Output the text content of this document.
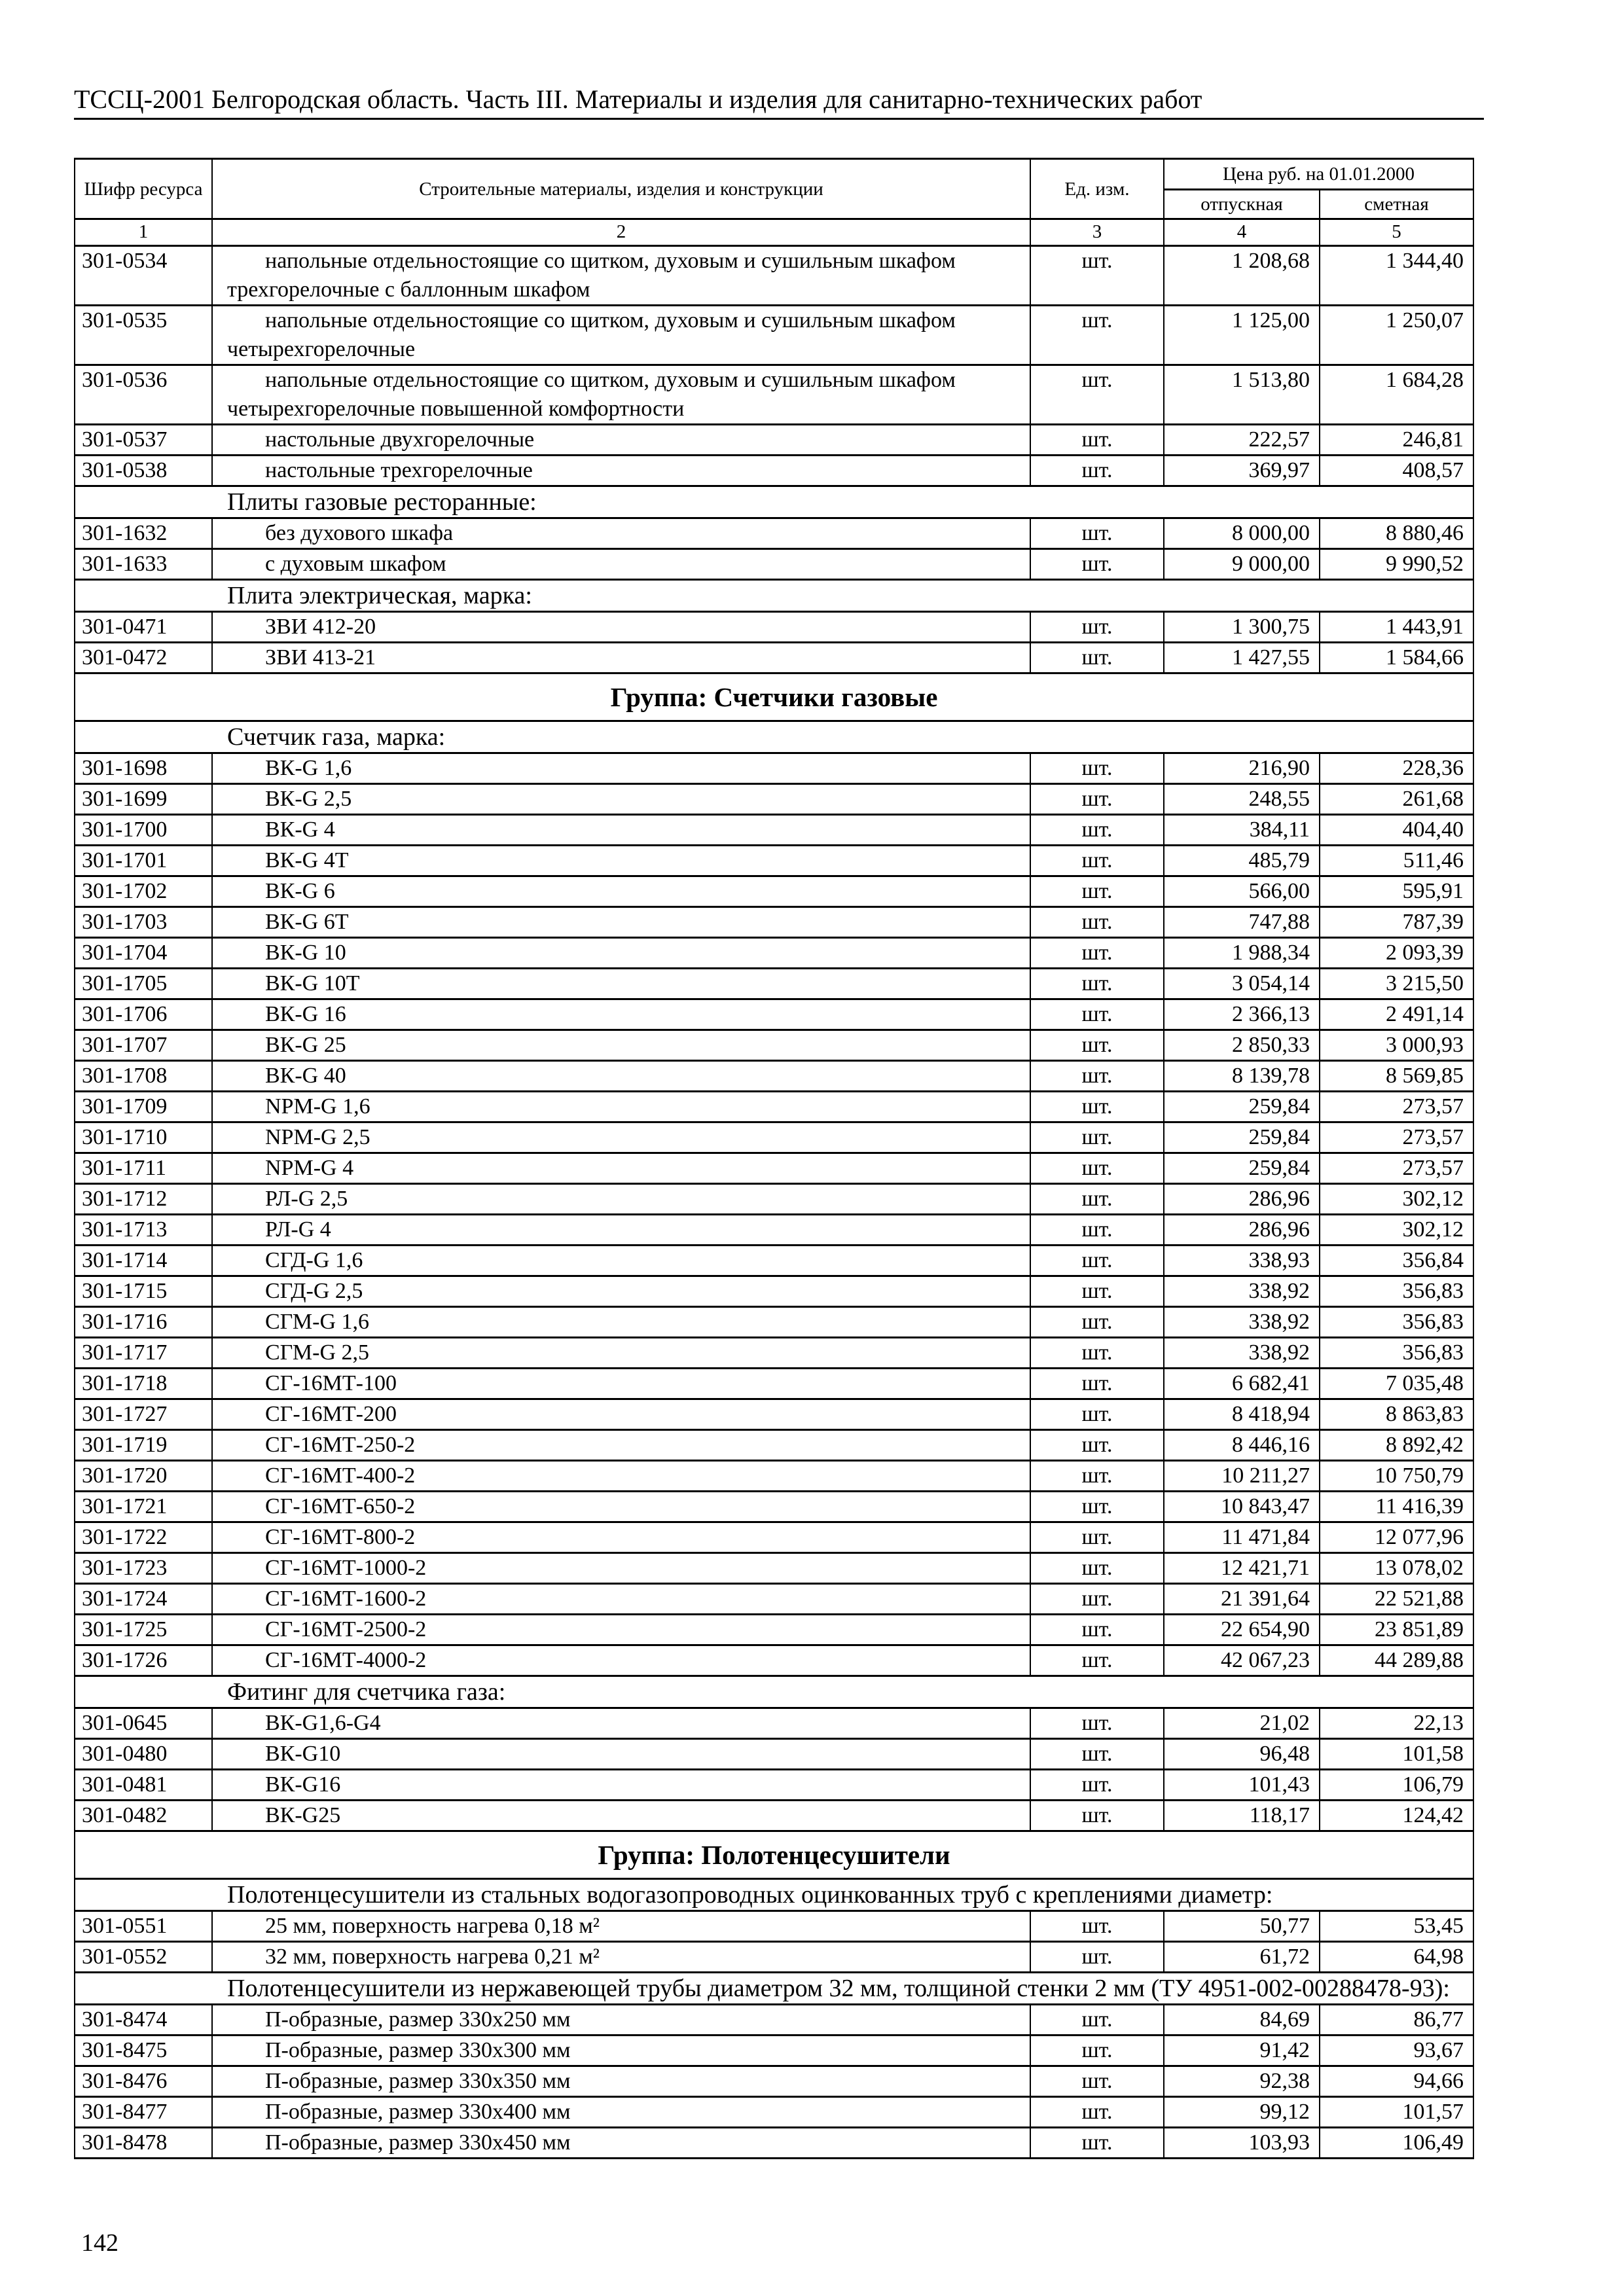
ТССЦ-2001 Белгородская область. Часть III. Материалы и изделия для санитарно-технических работ
Шифр ресурса	Строительные материалы, изделия и конструкции	Ед. изм.	Цена руб. на 01.01.2000	
			отпускная	сметная
1	2	3	4	5
301-0534	напольные отдельностоящие со щитком, духовым и сушильным шкафом трехгорелочные с баллонным шкафом	шт.	1 208,68	1 344,40
301-0535	напольные отдельностоящие со щитком, духовым и сушильным шкафом четырехгорелочные	шт.	1 125,00	1 250,07
301-0536	напольные отдельностоящие со щитком, духовым и сушильным шкафом четырехгорелочные повышенной комфортности	шт.	1 513,80	1 684,28
301-0537	настольные двухгорелочные	шт.	222,57	246,81
301-0538	настольные трехгорелочные	шт.	369,97	408,57
Плиты газовые ресторанные:				
301-1632	без духового шкафа	шт.	8 000,00	8 880,46
301-1633	с духовым шкафом	шт.	9 000,00	9 990,52
Плита электрическая, марка:				
301-0471	ЗВИ 412-20	шт.	1 300,75	1 443,91
301-0472	ЗВИ 413-21	шт.	1 427,55	1 584,66
Группа: Счетчики газовые				
Счетчик газа, марка:				
301-1698	ВК-G 1,6	шт.	216,90	228,36
301-1699	ВК-G 2,5	шт.	248,55	261,68
301-1700	ВК-G 4	шт.	384,11	404,40
301-1701	ВК-G 4Т	шт.	485,79	511,46
301-1702	ВК-G 6	шт.	566,00	595,91
301-1703	ВК-G 6Т	шт.	747,88	787,39
301-1704	ВК-G 10	шт.	1 988,34	2 093,39
301-1705	ВК-G 10Т	шт.	3 054,14	3 215,50
301-1706	ВК-G 16	шт.	2 366,13	2 491,14
301-1707	ВК-G 25	шт.	2 850,33	3 000,93
301-1708	ВК-G 40	шт.	8 139,78	8 569,85
301-1709	NPM-G 1,6	шт.	259,84	273,57
301-1710	NPM-G 2,5	шт.	259,84	273,57
301-1711	NPM-G 4	шт.	259,84	273,57
301-1712	РЛ-G 2,5	шт.	286,96	302,12
301-1713	РЛ-G 4	шт.	286,96	302,12
301-1714	СГД-G 1,6	шт.	338,93	356,84
301-1715	СГД-G 2,5	шт.	338,92	356,83
301-1716	СГМ-G 1,6	шт.	338,92	356,83
301-1717	СГМ-G 2,5	шт.	338,92	356,83
301-1718	СГ-16МТ-100	шт.	6 682,41	7 035,48
301-1727	СГ-16МТ-200	шт.	8 418,94	8 863,83
301-1719	СГ-16МТ-250-2	шт.	8 446,16	8 892,42
301-1720	СГ-16МТ-400-2	шт.	10 211,27	10 750,79
301-1721	СГ-16МТ-650-2	шт.	10 843,47	11 416,39
301-1722	СГ-16МТ-800-2	шт.	11 471,84	12 077,96
301-1723	СГ-16МТ-1000-2	шт.	12 421,71	13 078,02
301-1724	СГ-16МТ-1600-2	шт.	21 391,64	22 521,88
301-1725	СГ-16МТ-2500-2	шт.	22 654,90	23 851,89
301-1726	СГ-16МТ-4000-2	шт.	42 067,23	44 289,88
Фитинг для счетчика газа:				
301-0645	ВК-G1,6-G4	шт.	21,02	22,13
301-0480	ВК-G10	шт.	96,48	101,58
301-0481	ВК-G16	шт.	101,43	106,79
301-0482	ВК-G25	шт.	118,17	124,42
Группа: Полотенцесушители				
Полотенцесушители из стальных водогазопроводных оцинкованных труб с креплениями диаметр:				
301-0551	25 мм, поверхность нагрева 0,18 м²	шт.	50,77	53,45
301-0552	32 мм, поверхность нагрева 0,21 м²	шт.	61,72	64,98
Полотенцесушители из нержавеющей трубы диаметром 32 мм, толщиной стенки 2 мм (ТУ 4951-002-00288478-93):				
301-8474	П-образные, размер 330х250 мм	шт.	84,69	86,77
301-8475	П-образные, размер 330х300 мм	шт.	91,42	93,67
301-8476	П-образные, размер 330х350 мм	шт.	92,38	94,66
301-8477	П-образные, размер 330х400 мм	шт.	99,12	101,57
301-8478	П-образные, размер 330х450 мм	шт.	103,93	106,49
142
